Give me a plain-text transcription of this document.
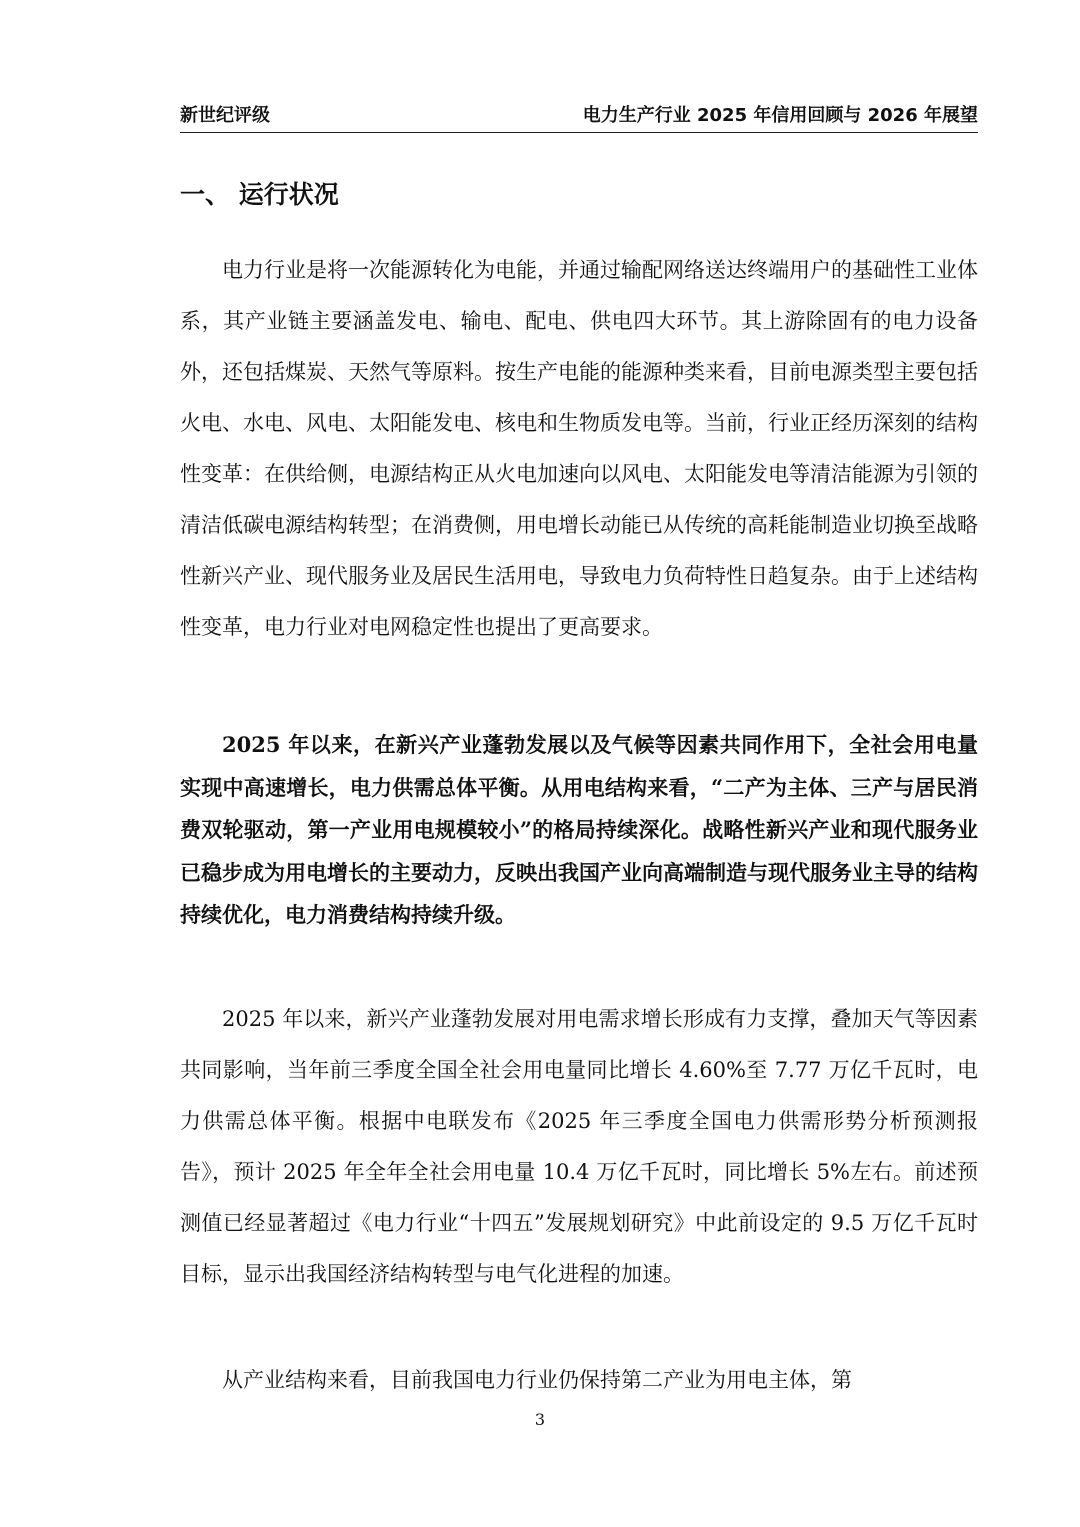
新世纪评级	电力生产行业 2025 年信用回顾与 2026 年展望
一、 运行状况

电力行业是将一次能源转化为电能，并通过输配网络送达终端用户的基础性工业体系，其产业链主要涵盖发电、输电、配电、供电四大环节。其上游除固有的电力设备外，还包括煤炭、天然气等原料。按生产电能的能源种类来看，目前电源类型主要包括火电、水电、风电、太阳能发电、核电和生物质发电等。当前，行业正经历深刻的结构性变革：在供给侧，电源结构正从火电加速向以风电、太阳能发电等清洁能源为引领的清洁低碳电源结构转型；在消费侧，用电增长动能已从传统的高耗能制造业切换至战略性新兴产业、现代服务业及居民生活用电，导致电力负荷特性日趋复杂。由于上述结构性变革，电力行业对电网稳定性也提出了更高要求。

2025 年以来，在新兴产业蓬勃发展以及气候等因素共同作用下，全社会用电量实现中高速增长，电力供需总体平衡。从用电结构来看，“二产为主体、三产与居民消费双轮驱动，第一产业用电规模较小”的格局持续深化。战略性新兴产业和现代服务业已稳步成为用电增长的主要动力，反映出我国产业向高端制造与现代服务业主导的结构持续优化，电力消费结构持续升级。

2025 年以来，新兴产业蓬勃发展对用电需求增长形成有力支撑，叠加天气等因素共同影响，当年前三季度全国全社会用电量同比增长 4.60%至 7.77 万亿千瓦时，电力供需总体平衡。根据中电联发布《2025 年三季度全国电力供需形势分析预测报告》，预计 2025 年全年全社会用电量 10.4 万亿千瓦时，同比增长 5%左右。前述预测值已经显著超过《电力行业“十四五”发展规划研究》中此前设定的 9.5 万亿千瓦时目标，显示出我国经济结构转型与电气化进程的加速。

从产业结构来看，目前我国电力行业仍保持第二产业为用电主体，第

3
